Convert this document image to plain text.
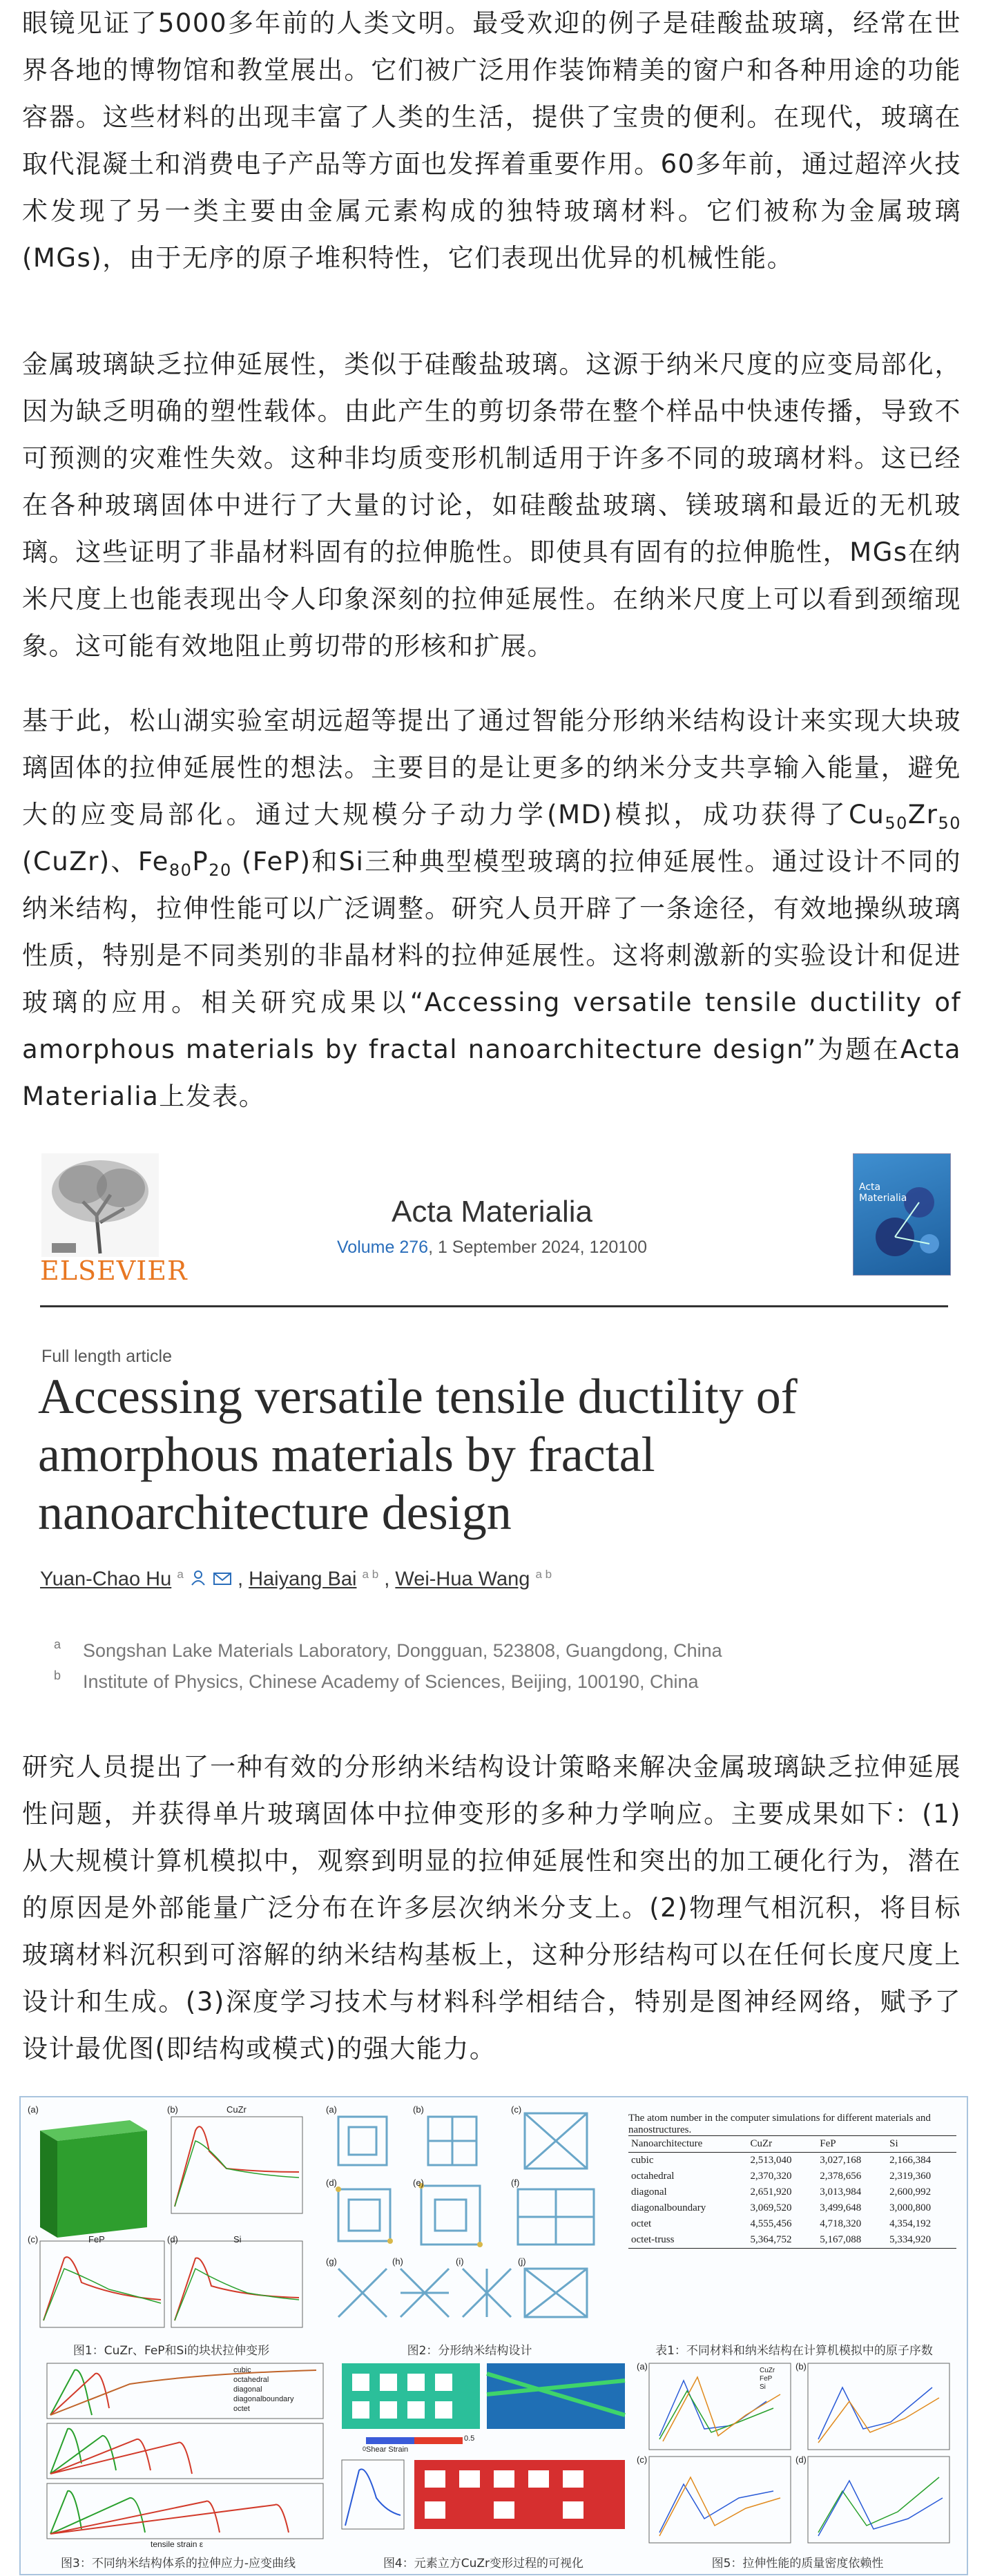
眼镜见证了5000多年前的人类文明。最受欢迎的例子是硅酸盐玻璃，经常在世界各地的博物馆和教堂展出。它们被广泛用作装饰精美的窗户和各种用途的功能容器。这些材料的出现丰富了人类的生活，提供了宝贵的便利。在现代，玻璃在取代混凝土和消费电子产品等方面也发挥着重要作用。60多年前，通过超淬火技术发现了另一类主要由金属元素构成的独特玻璃材料。它们被称为金属玻璃(MGs)，由于无序的原子堆积特性，它们表现出优异的机械性能。

金属玻璃缺乏拉伸延展性，类似于硅酸盐玻璃。这源于纳米尺度的应变局部化，因为缺乏明确的塑性载体。由此产生的剪切条带在整个样品中快速传播，导致不可预测的灾难性失效。这种非均质变形机制适用于许多不同的玻璃材料。这已经在各种玻璃固体中进行了大量的讨论，如硅酸盐玻璃、镁玻璃和最近的无机玻璃。这些证明了非晶材料固有的拉伸脆性。即使具有固有的拉伸脆性，MGs在纳米尺度上也能表现出令人印象深刻的拉伸延展性。在纳米尺度上可以看到颈缩现象。这可能有效地阻止剪切带的形核和扩展。

基于此，松山湖实验室胡远超等提出了通过智能分形纳米结构设计来实现大块玻璃固体的拉伸延展性的想法。主要目的是让更多的纳米分支共享输入能量，避免大的应变局部化。通过大规模分子动力学(MD)模拟，成功获得了$Cu_{50}Zr_{50}$ (CuZr)、$Fe_{80}P_{20}$ (FeP)和Si三种典型模型玻璃的拉伸延展性。通过设计不同的纳米结构，拉伸性能可以广泛调整。研究人员开辟了一条途径，有效地操纵玻璃性质，特别是不同类别的非晶材料的拉伸延展性。这将刺激新的实验设计和促进玻璃的应用。相关研究成果以“Accessing versatile tensile ductility of amorphous materials by fractal nanoarchitecture design”为题在Acta Materialia上发表。

ELSEVIER
Acta Materialia
Volume 276, 1 September 2024, 120100
Acta Materialia
Full length article
Accessing versatile tensile ductility of amorphous materials by fractal nanoarchitecture design
Yuan-Chao Hu $^a$	, Haiyang Bai $^{a b}$ , Wei-Hua Wang $^{a b}$
a Songshan Lake Materials Laboratory, Dongguan, 523808, Guangdong, China
b Institute of Physics, Chinese Academy of Sciences, Beijing, 100190, China

研究人员提出了一种有效的分形纳米结构设计策略来解决金属玻璃缺乏拉伸延展性问题，并获得单片玻璃固体中拉伸变形的多种力学响应。主要成果如下：(1)从大规模计算机模拟中，观察到明显的拉伸延展性和突出的加工硬化行为，潜在的原因是外部能量广泛分布在许多层次纳米分支上。(2)物理气相沉积，将目标玻璃材料沉积到可溶解的纳米结构基板上，这种分形结构可以在任何长度尺度上设计和生成。(3)深度学习技术与材料科学相结合，特别是图神经网络，赋予了设计最优图(即结构或模式)的强大能力。

(a)	(b)	CuZr
(c)	FeP	(d)	Si
图1：CuZr、FeP和Si的块状拉伸变形
(a)	(b)	(c)
(d)	(e)	(f)
(g)	(h)	(i)	(j)
图2：分形纳米结构设计
The atom number in the computer simulations for different materials and nanostructures.
Nanoarchitecture	CuZr	FeP	Si
cubic	2,513,040	3,027,168	2,166,384
octahedral	2,370,320	2,378,656	2,319,360
diagonal	2,651,920	3,013,984	2,600,992
diagonalboundary	3,069,520	3,499,648	3,000,800
octet	4,555,456	4,718,320	4,354,192
octet-truss	5,364,752	5,167,088	5,334,920
表1：不同材料和纳米结构在计算机模拟中的原子序数
cubic
octahedral
diagonal
diagonalboundary
octet
tensile strain ε
图3：不同纳米结构体系的拉伸应力-应变曲线
Shear Strain
0
0.5
图4：元素立方CuZr变形过程的可视化
(a)	(b)
(c)	(d)
CuZr
FeP
Si
图5：拉伸性能的质量密度依赖性
